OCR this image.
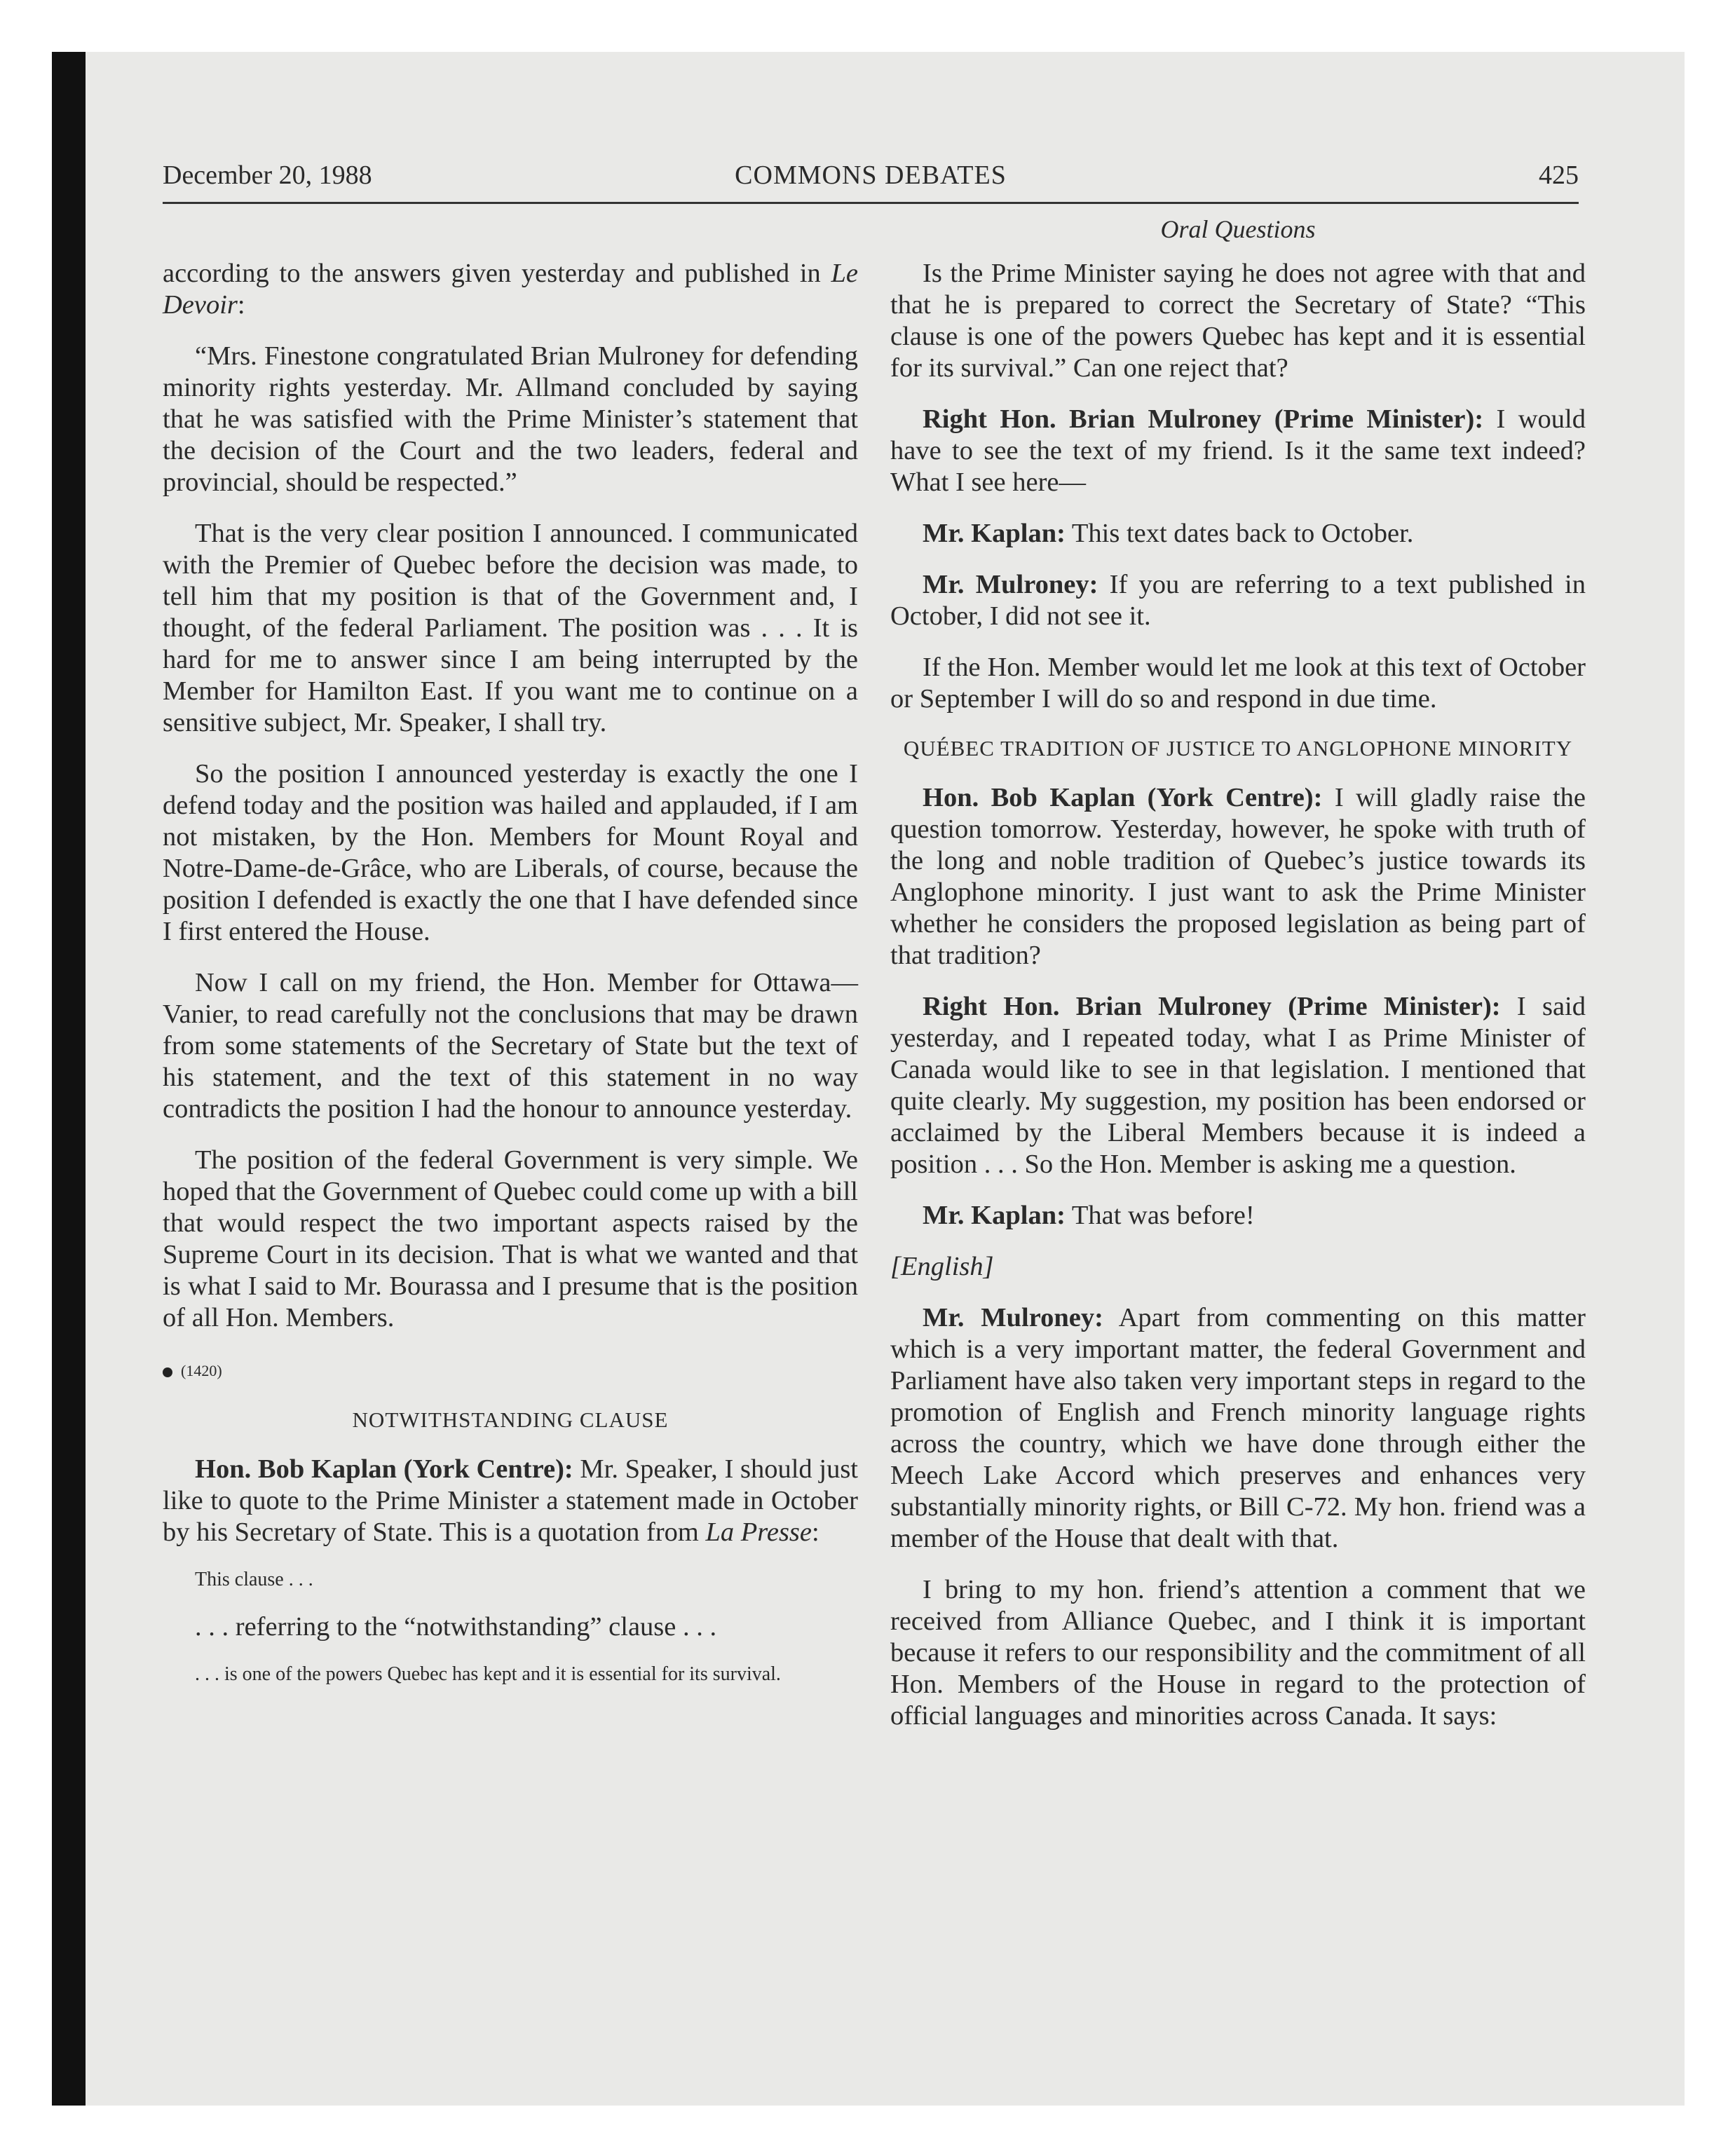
December 20, 1988	COMMONS DEBATES	425
Oral Questions

according to the answers given yesterday and published in Le Devoir:

“Mrs. Finestone congratulated Brian Mulroney for defending minority rights yesterday. Mr. Allmand concluded by saying that he was satisfied with the Prime Minister’s statement that the decision of the Court and the two leaders, federal and provincial, should be respected.”

That is the very clear position I announced. I communicated with the Premier of Quebec before the decision was made, to tell him that my position is that of the Government and, I thought, of the federal Parliament. The position was . . . It is hard for me to answer since I am being interrupted by the Member for Hamilton East. If you want me to continue on a sensitive subject, Mr. Speaker, I shall try.

So the position I announced yesterday is exactly the one I defend today and the position was hailed and applauded, if I am not mistaken, by the Hon. Members for Mount Royal and Notre-Dame-de-Grâce, who are Liberals, of course, because the position I defended is exactly the one that I have defended since I first entered the House.

Now I call on my friend, the Hon. Member for Ottawa—Vanier, to read carefully not the conclusions that may be drawn from some statements of the Secretary of State but the text of his statement, and the text of this statement in no way contradicts the position I had the honour to announce yesterday.

The position of the federal Government is very simple. We hoped that the Government of Quebec could come up with a bill that would respect the two important aspects raised by the Supreme Court in its decision. That is what we wanted and that is what I said to Mr. Bourassa and I presume that is the position of all Hon. Members.

(1420)
NOTWITHSTANDING CLAUSE

Hon. Bob Kaplan (York Centre): Mr. Speaker, I should just like to quote to the Prime Minister a statement made in October by his Secretary of State. This is a quotation from La Presse:

This clause . . .

. . . referring to the “notwithstanding” clause . . .

. . . is one of the powers Quebec has kept and it is essential for its survival.

Is the Prime Minister saying he does not agree with that and that he is prepared to correct the Secretary of State? “This clause is one of the powers Quebec has kept and it is essential for its survival.” Can one reject that?

Right Hon. Brian Mulroney (Prime Minister): I would have to see the text of my friend. Is it the same text indeed? What I see here—

Mr. Kaplan: This text dates back to October.

Mr. Mulroney: If you are referring to a text published in October, I did not see it.

If the Hon. Member would let me look at this text of October or September I will do so and respond in due time.

QUÉBEC TRADITION OF JUSTICE TO ANGLOPHONE MINORITY

Hon. Bob Kaplan (York Centre): I will gladly raise the question tomorrow. Yesterday, however, he spoke with truth of the long and noble tradition of Quebec’s justice towards its Anglophone minority. I just want to ask the Prime Minister whether he considers the proposed legislation as being part of that tradition?

Right Hon. Brian Mulroney (Prime Minister): I said yesterday, and I repeated today, what I as Prime Minister of Canada would like to see in that legislation. I mentioned that quite clearly. My suggestion, my position has been endorsed or acclaimed by the Liberal Members because it is indeed a position . . . So the Hon. Member is asking me a question.

Mr. Kaplan: That was before!

[English]

Mr. Mulroney: Apart from commenting on this matter which is a very important matter, the federal Government and Parliament have also taken very important steps in regard to the promotion of English and French minority language rights across the country, which we have done through either the Meech Lake Accord which preserves and enhances very substantially minority rights, or Bill C-72. My hon. friend was a member of the House that dealt with that.

I bring to my hon. friend’s attention a comment that we received from Alliance Quebec, and I think it is important because it refers to our responsibility and the commitment of all Hon. Members of the House in regard to the protection of official languages and minorities across Canada. It says:
